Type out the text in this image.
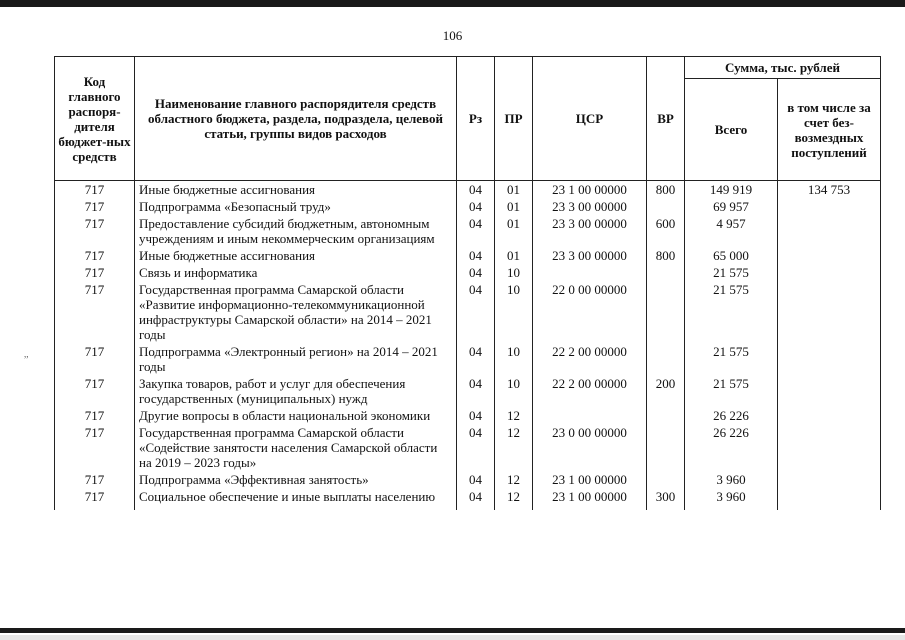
106
,,
Код главного распоря-дителя бюджет-ных средств	Наименование главного распорядителя средств областного бюджета, раздела, подраздела, целевой статьи, группы видов расходов	Рз	ПР	ЦСР	ВР	Сумма, тыс. рублей	
						Всего	в том числе за счет без-возмездных поступлений
717	Иные бюджетные ассигнования	04	01	23 1 00 00000	800	149 919	134 753
717	Подпрограмма «Безопасный труд»	04	01	23 3 00 00000		69 957	
717	Предоставление субсидий бюджетным, автономным учреждениям и иным некоммерческим организациям	04	01	23 3 00 00000	600	4 957	
717	Иные бюджетные ассигнования	04	01	23 3 00 00000	800	65 000	
717	Связь и информатика	04	10			21 575	
717	Государственная программа Самарской области «Развитие информационно-телекоммуникационной инфраструктуры Самарской области» на 2014 – 2021 годы	04	10	22 0 00 00000		21 575	
717	Подпрограмма «Электронный регион» на 2014 – 2021 годы	04	10	22 2 00 00000		21 575	
717	Закупка товаров, работ и услуг для обеспечения государственных (муниципальных) нужд	04	10	22 2 00 00000	200	21 575	
717	Другие вопросы в области национальной экономики	04	12			26 226	
717	Государственная программа Самарской области «Содействие занятости населения Самарской области на 2019 – 2023 годы»	04	12	23 0 00 00000		26 226	
717	Подпрограмма «Эффективная занятость»	04	12	23 1 00 00000		3 960	
717	Социальное обеспечение и иные выплаты населению	04	12	23 1 00 00000	300	3 960	
